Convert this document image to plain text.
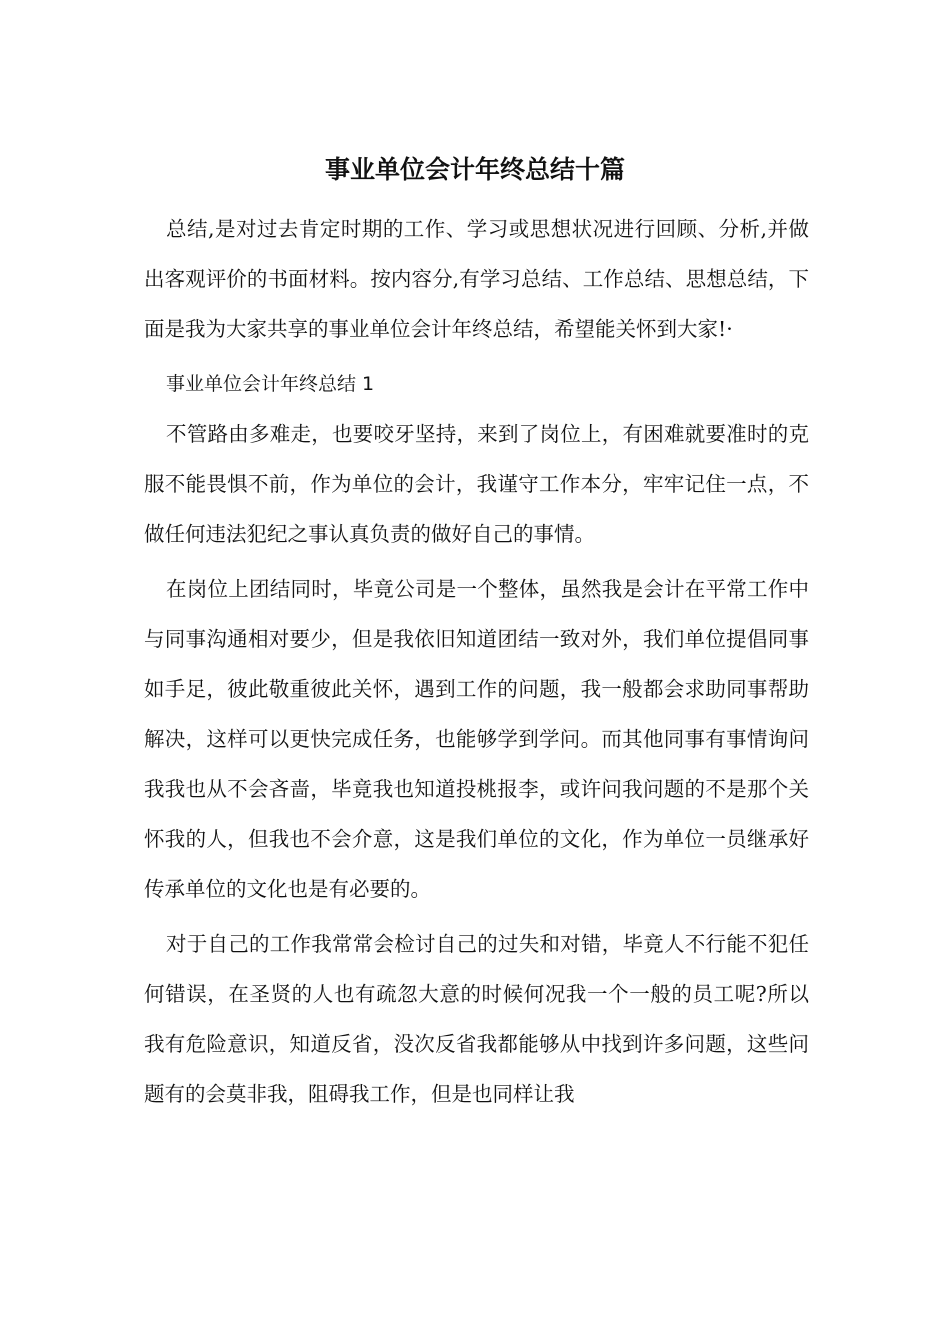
事业单位会计年终总结十篇

总结,是对过去肯定时期的工作、学习或思想状况进行回顾、分析,并做出客观评价的书面材料。按内容分,有学习总结、工作总结、思想总结，下面是我为大家共享的事业单位会计年终总结，希望能关怀到大家!·

事业单位会计年终总结 1

不管路由多难走，也要咬牙坚持，来到了岗位上，有困难就要准时的克服不能畏惧不前，作为单位的会计，我谨守工作本分，牢牢记住一点，不做任何违法犯纪之事认真负责的做好自己的事情。

在岗位上团结同时，毕竟公司是一个整体，虽然我是会计在平常工作中与同事沟通相对要少，但是我依旧知道团结一致对外，我们单位提倡同事如手足，彼此敬重彼此关怀，遇到工作的问题，我一般都会求助同事帮助解决，这样可以更快完成任务，也能够学到学问。而其他同事有事情询问我我也从不会吝啬，毕竟我也知道投桃报李，或许问我问题的不是那个关怀我的人，但我也不会介意，这是我们单位的文化，作为单位一员继承好传承单位的文化也是有必要的。

对于自己的工作我常常会检讨自己的过失和对错，毕竟人不行能不犯任何错误，在圣贤的人也有疏忽大意的时候何况我一个一般的员工呢?所以我有危险意识，知道反省，没次反省我都能够从中找到许多问题，这些问题有的会莫非我，阻碍我工作，但是也同样让我
